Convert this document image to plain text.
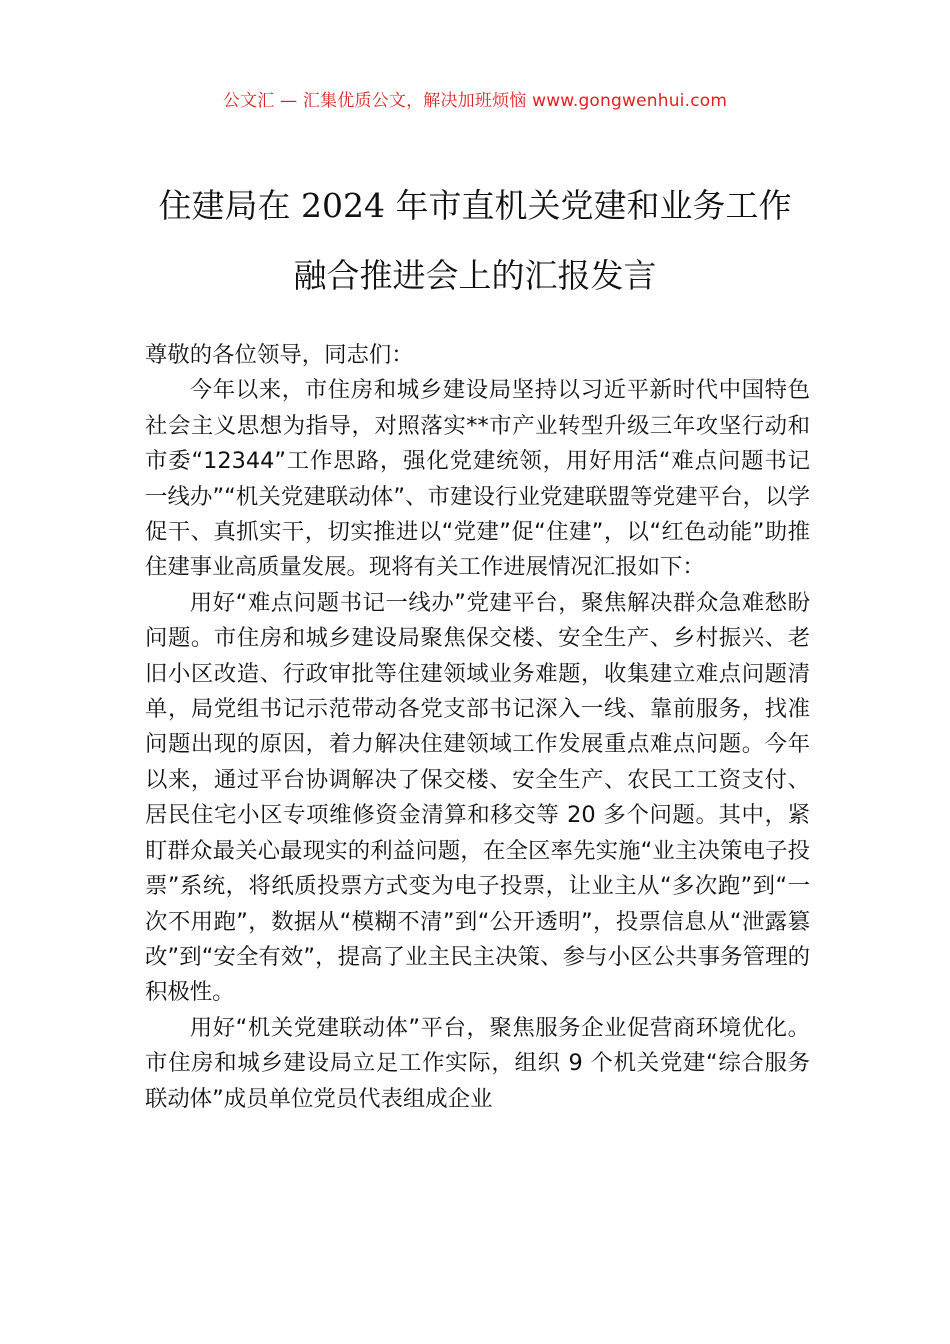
公文汇 — 汇集优质公文，解决加班烦恼 www.gongwenhui.com
住建局在 2024 年市直机关党建和业务工作
融合推进会上的汇报发言

尊敬的各位领导，同志们：

今年以来，市住房和城乡建设局坚持以习近平新时代中国特色社会主义思想为指导，对照落实**市产业转型升级三年攻坚行动和市委“12344”工作思路，强化党建统领，用好用活“难点问题书记一线办”“机关党建联动体”、市建设行业党建联盟等党建平台，以学促干、真抓实干，切实推进以“党建”促“住建”，以“红色动能”助推住建事业高质量发展。现将有关工作进展情况汇报如下：

用好“难点问题书记一线办”党建平台，聚焦解决群众急难愁盼问题。市住房和城乡建设局聚焦保交楼、安全生产、乡村振兴、老旧小区改造、行政审批等住建领域业务难题，收集建立难点问题清单，局党组书记示范带动各党支部书记深入一线、靠前服务，找准问题出现的原因，着力解决住建领域工作发展重点难点问题。今年以来，通过平台协调解决了保交楼、安全生产、农民工工资支付、居民住宅小区专项维修资金清算和移交等 20 多个问题。其中，紧盯群众最关心最现实的利益问题，在全区率先实施“业主决策电子投票”系统，将纸质投票方式变为电子投票，让业主从“多次跑”到“一次不用跑”，数据从“模糊不清”到“公开透明”，投票信息从“泄露篡改”到“安全有效”，提高了业主民主决策、参与小区公共事务管理的积极性。

用好“机关党建联动体”平台，聚焦服务企业促营商环境优化。市住房和城乡建设局立足工作实际，组织 9 个机关党建“综合服务联动体”成员单位党员代表组成企业
